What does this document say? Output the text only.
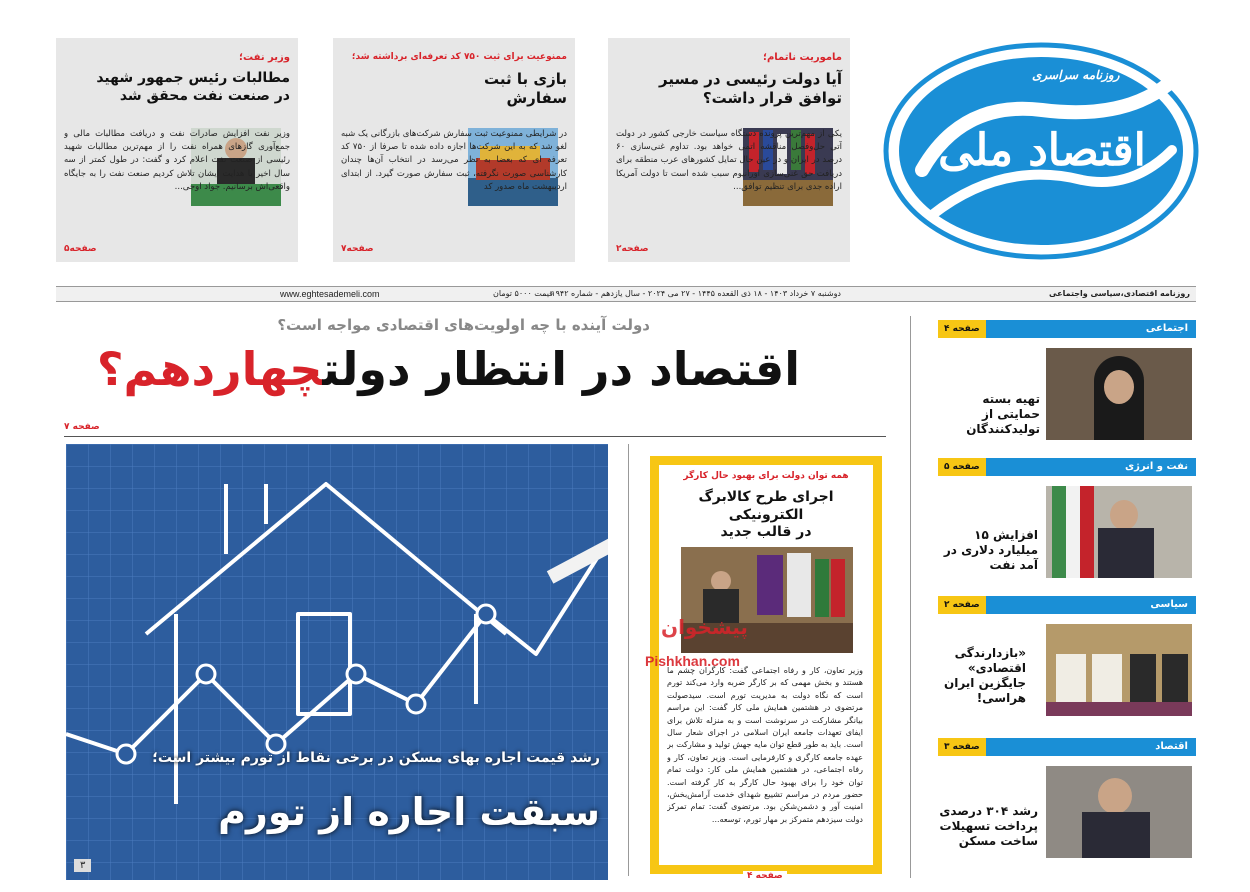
اقتصاد ملی
روزنامه سراسری
ماموریت ناتمام؛
آیا دولت رئیسی در مسیر
توافق قرار داشت؟
یکی از مهم‌ترین پرونده دستگاه سیاست خارجی کشور در دولت آتی حل‌وفصل مناقشه اتمی خواهد بود. تداوم غنی‌سازی ۶۰ درصد در ایران و در عین حال تمایل کشورهای عرب منطقه برای دریافت حق غنی‌سازی اورانیوم سبب شده است تا دولت آمریکا اراده جدی برای تنظیم توافق...
صفحه۲
ممنوعیت برای ثبت ۷۵۰ کد تعرفه‌ای برداشته شد؛
بازی با ثبت
سفارش
در شرایطی ممنوعیت ثبت سفارش شرکت‌های بازرگانی یک شبه لغو شد که به این شرکت‌ها اجازه داده شده تا صرفا از ۷۵۰ کد تعرفه ای که بعضا به نظر می‌رسد در انتخاب آن‌ها چندان کارشناسی صورت نگرفته، ثبت سفارش صورت گیرد. از ابتدای اردیبهشت ماه صدور کد
صفحه۷
وزیر نفت؛
مطالبات رئیس جمهور شهید
در صنعت نفت محقق شد
وزیر نفت افزایش صادرات نفت و دریافت مطالبات مالی و جمع‌آوری گازهای همراه نفت را از مهم‌ترین مطالبات شهید رئیسی از صنعت نفت اعلام کرد و گفت: در طول کمتر از سه سال اخیر با هدایت ایشان تلاش کردیم صنعت نفت را به جایگاه واقعی‌اش برسانیم. جواد اوجی...
صفحه۵
روزنامه اقتصادی،سیاسی واجتماعی
دوشنبه ۷ خرداد ۱۴۰۳ - ۱۸ ذی القعده ۱۴۴۵ - ۲۷ می ۲۰۲۴ - سال یازدهم - شماره ۱۹۴۲
قیمت ۵۰۰۰ تومان
www.eghtesademeli.com
دولت آینده با چه اولویت‌های اقتصادی مواجه است؟
اقتصاد در انتظار دولتچهاردهم؟
صفحه ۷
رشد قیمت اجاره بهای مسکن در برخی نقاط از تورم بیشتر است؛
سبقت اجاره از تورم
۳
همه توان دولت برای بهبود حال کارگر
اجرای طرح کالابرگ الکترونیکی
در قالب جدید
پیشخوان
Pishkhan.com
وزیر تعاون، کار و رفاه اجتماعی گفت: کارگران چشم ما هستند و بخش مهمی که بر کارگر ضربه وارد می‌کند تورم است که نگاه دولت به مدیریت تورم است. سیدصولت مرتضوی در هشتمین همایش ملی کار گفت: این مراسم بیانگر مشارکت در سرنوشت است و به منزله تلاش برای ایفای تعهدات جامعه ایران اسلامی در اجرای شعار سال است. باید به طور قطع توان مایه جهش تولید و مشارکت بر عهده جامعه کارگری و کارفرمایی است. وزیر تعاون، کار و رفاه اجتماعی، در هشتمین همایش ملی کار: دولت تمام توان خود را برای بهبود حال کارگر به کار گرفته است. حضور مردم در مراسم تشییع شهدای خدمت آرامش‌بخش، امنیت آور و دشمن‌شکن بود. مرتضوی گفت: تمام تمرکز دولت سیزدهم متمرکز بر مهار تورم، توسعه...
صفحه ۴
اجتماعی
صفحه ۴
تهیه بسته حمایتی از تولیدکنندگان
نفت و انرژی
صفحه ۵
افزایش ۱۵ میلیارد دلاری در آمد نفت
سیاسی
صفحه ۲
«بازدارندگی اقتصادی» جایگزین ایران هراسی!
اقتصاد
صفحه ۳
رشد ۳۰۴ درصدی پرداخت تسهیلات ساخت مسکن
